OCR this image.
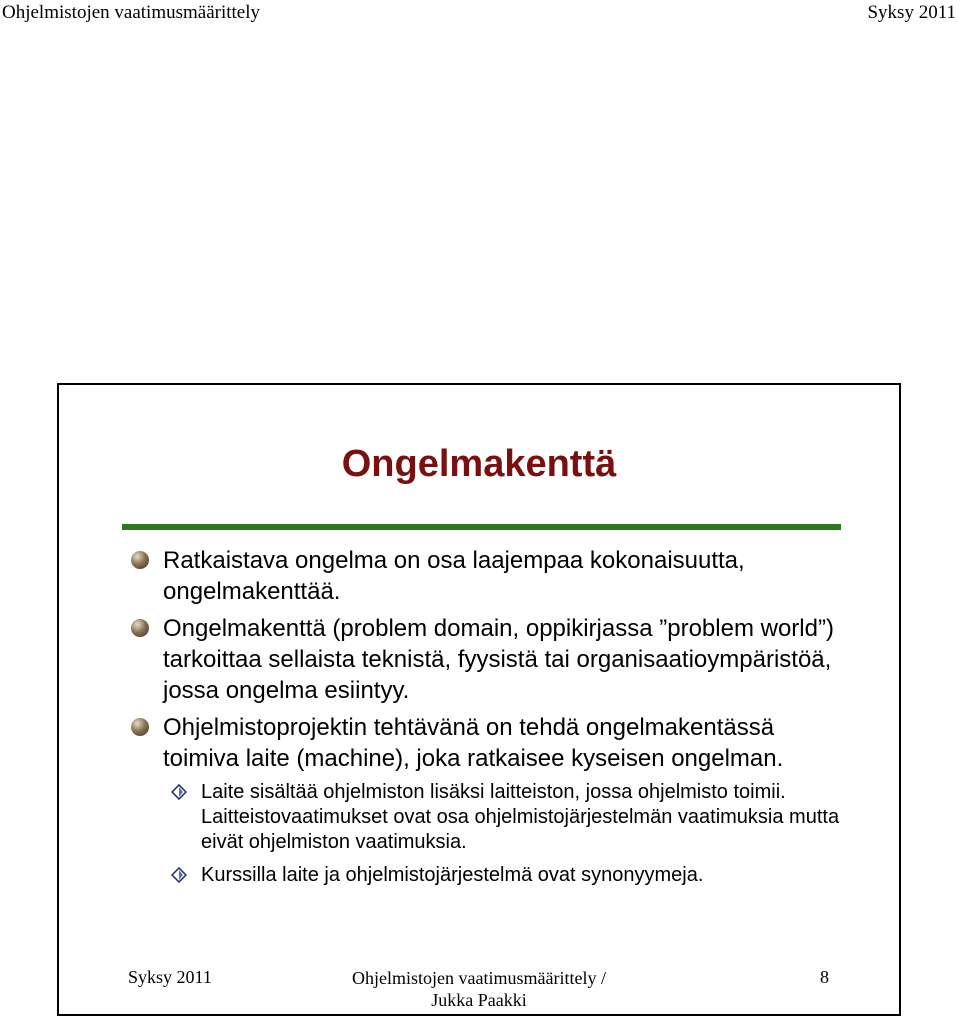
Ohjelmistojen vaatimusmäärittely	Syksy 2011
Ongelmakenttä
Ratkaistava ongelma on osa laajempaa kokonaisuutta, ongelmakenttää.
Ongelmakenttä (problem domain, oppikirjassa ”problem world”) tarkoittaa sellaista teknistä, fyysistä tai organisaatioympäristöä, jossa ongelma esiintyy.
Ohjelmistoprojektin tehtävänä on tehdä ongelmakentässä toimiva laite (machine), joka ratkaisee kyseisen ongelman.
Laite sisältää ohjelmiston lisäksi laitteiston, jossa ohjelmisto toimii. Laitteistovaatimukset ovat osa ohjelmistojärjestelmän vaatimuksia mutta eivät ohjelmiston vaatimuksia.
Kurssilla laite ja ohjelmistojärjestelmä ovat synonyymeja.
Syksy 2011	Ohjelmistojen vaatimusmäärittely /
Jukka Paakki
8
